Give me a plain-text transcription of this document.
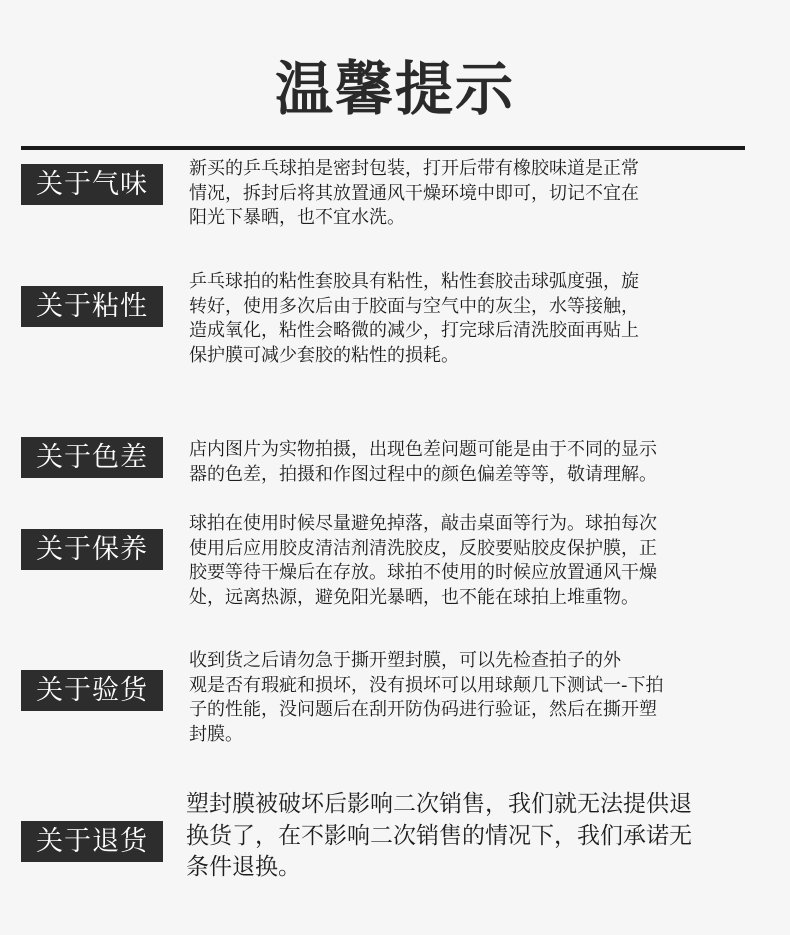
温馨提示
关于气味
新买的乒乓球拍是密封包装，打开后带有橡胶味道是正常
情况，拆封后将其放置通风干燥环境中即可，切记不宜在
阳光下暴晒，也不宜水洗。
关于粘性
乒乓球拍的粘性套胶具有粘性，粘性套胶击球弧度强，旋
转好，使用多次后由于胶面与空气中的灰尘，水等接触，
造成氧化，粘性会略微的减少，打完球后清洗胶面再贴上
保护膜可减少套胶的粘性的损耗。
关于色差	店内图片为实物拍摄，出现色差问题可能是由于不同的显示
器的色差，拍摄和作图过程中的颜色偏差等等，敬请理解。
关于保养
球拍在使用时候尽量避免掉落，敲击桌面等行为。球拍每次
使用后应用胶皮清洁剂清洗胶皮，反胶要贴胶皮保护膜，正
胶要等待干燥后在存放。球拍不使用的时候应放置通风干燥
处，远离热源，避免阳光暴晒，也不能在球拍上堆重物。
关于验货
收到货之后请勿急于撕开塑封膜，可以先检查拍子的外
观是否有瑕疵和损坏，没有损坏可以用球颠几下测试一-下拍
子的性能，没问题后在刮开防伪码进行验证，然后在撕开塑
封膜。
关于退货
塑封膜被破坏后影响二次销售，我们就无法提供退
换货了，在不影响二次销售的情况下，我们承诺无
条件退换。
